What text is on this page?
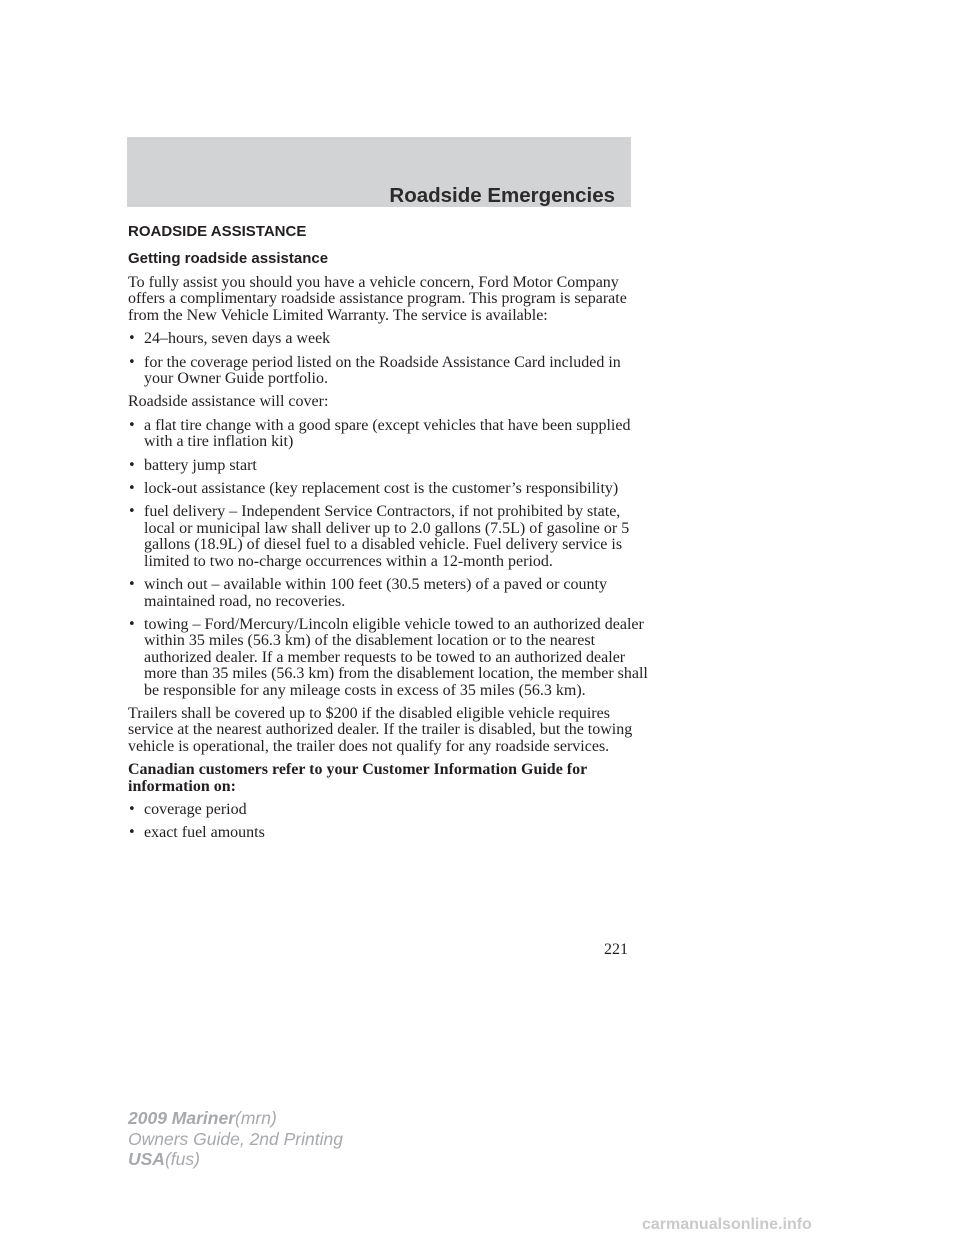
Roadside Emergencies
ROADSIDE ASSISTANCE
Getting roadside assistance

To fully assist you should you have a vehicle concern, Ford Motor Company offers a complimentary roadside assistance program. This program is separate from the New Vehicle Limited Warranty. The service is available:

• 24–hours, seven days a week
• for the coverage period listed on the Roadside Assistance Card included in your Owner Guide portfolio.

Roadside assistance will cover:

• a flat tire change with a good spare (except vehicles that have been supplied with a tire inflation kit)
• battery jump start
• lock-out assistance (key replacement cost is the customer’s responsibility)
• fuel delivery – Independent Service Contractors, if not prohibited by state, local or municipal law shall deliver up to 2.0 gallons (7.5L) of gasoline or 5 gallons (18.9L) of diesel fuel to a disabled vehicle. Fuel delivery service is limited to two no-charge occurrences within a 12-month period.
• winch out – available within 100 feet (30.5 meters) of a paved or county maintained road, no recoveries.
• towing – Ford/Mercury/Lincoln eligible vehicle towed to an authorized dealer within 35 miles (56.3 km) of the disablement location or to the nearest authorized dealer. If a member requests to be towed to an authorized dealer more than 35 miles (56.3 km) from the disablement location, the member shall be responsible for any mileage costs in excess of 35 miles (56.3 km).

Trailers shall be covered up to $200 if the disabled eligible vehicle requires service at the nearest authorized dealer. If the trailer is disabled, but the towing vehicle is operational, the trailer does not qualify for any roadside services.

Canadian customers refer to your Customer Information Guide for information on:

• coverage period
• exact fuel amounts
221
2009 Mariner(mrn)
Owners Guide, 2nd Printing
USA(fus)
carmanualsonline.info
